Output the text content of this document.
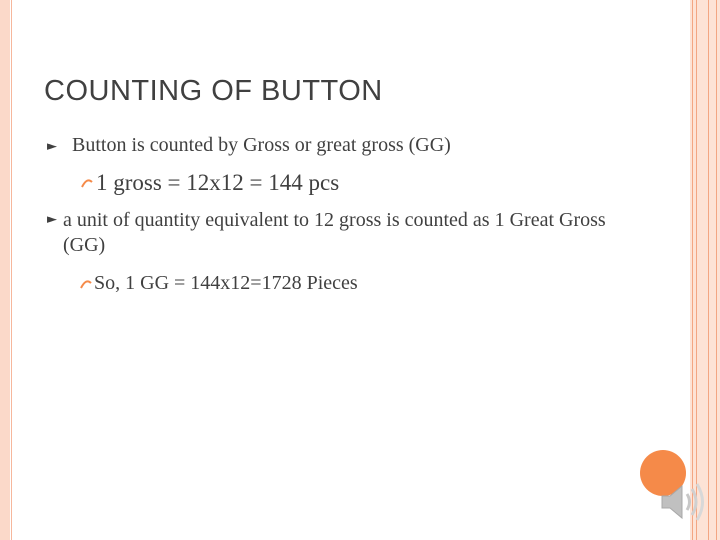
COUNTING OF BUTTON
► Button is counted by Gross or great gross (GG)
1 gross = 12x12 = 144 pcs
► a unit of quantity equivalent to 12 gross is counted as 1 Great Gross (GG)
So, 1 GG = 144x12=1728 Pieces
